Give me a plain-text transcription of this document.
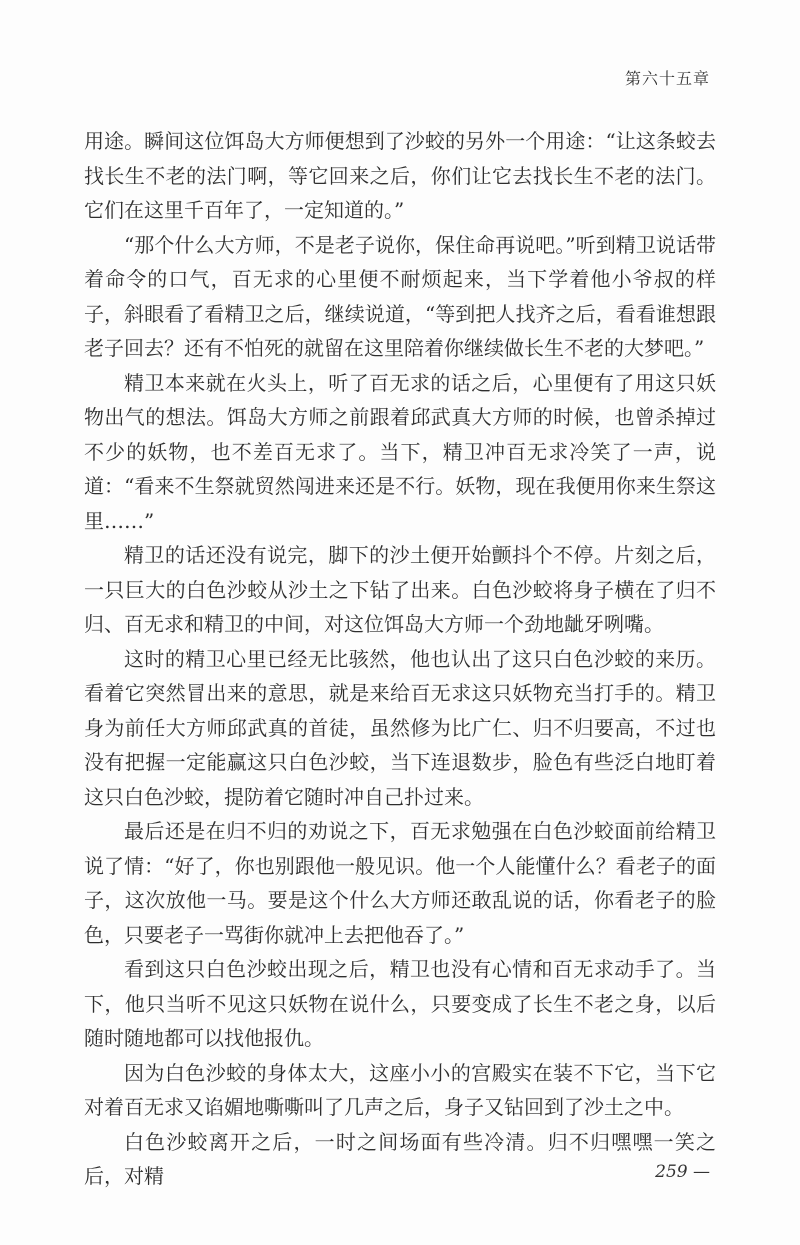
第六十五章

用途。瞬间这位饵岛大方师便想到了沙蛟的另外一个用途：“让这条蛟去找长生不老的法门啊，等它回来之后，你们让它去找长生不老的法门。它们在这里千百年了，一定知道的。”

“那个什么大方师，不是老子说你，保住命再说吧。”听到精卫说话带着命令的口气，百无求的心里便不耐烦起来，当下学着他小爷叔的样子，斜眼看了看精卫之后，继续说道，“等到把人找齐之后，看看谁想跟老子回去？还有不怕死的就留在这里陪着你继续做长生不老的大梦吧。”

精卫本来就在火头上，听了百无求的话之后，心里便有了用这只妖物出气的想法。饵岛大方师之前跟着邱武真大方师的时候，也曾杀掉过不少的妖物，也不差百无求了。当下，精卫冲百无求冷笑了一声，说道：“看来不生祭就贸然闯进来还是不行。妖物，现在我便用你来生祭这里……”

精卫的话还没有说完，脚下的沙土便开始颤抖个不停。片刻之后，一只巨大的白色沙蛟从沙土之下钻了出来。白色沙蛟将身子横在了归不归、百无求和精卫的中间，对这位饵岛大方师一个劲地龇牙咧嘴。

这时的精卫心里已经无比骇然，他也认出了这只白色沙蛟的来历。看着它突然冒出来的意思，就是来给百无求这只妖物充当打手的。精卫身为前任大方师邱武真的首徒，虽然修为比广仁、归不归要高，不过也没有把握一定能赢这只白色沙蛟，当下连退数步，脸色有些泛白地盯着这只白色沙蛟，提防着它随时冲自己扑过来。

最后还是在归不归的劝说之下，百无求勉强在白色沙蛟面前给精卫说了情：“好了，你也别跟他一般见识。他一个人能懂什么？看老子的面子，这次放他一马。要是这个什么大方师还敢乱说的话，你看老子的脸色，只要老子一骂街你就冲上去把他吞了。”

看到这只白色沙蛟出现之后，精卫也没有心情和百无求动手了。当下，他只当听不见这只妖物在说什么，只要变成了长生不老之身，以后随时随地都可以找他报仇。

因为白色沙蛟的身体太大，这座小小的宫殿实在装不下它，当下它对着百无求又谄媚地嘶嘶叫了几声之后，身子又钻回到了沙土之中。

白色沙蛟离开之后，一时之间场面有些冷清。归不归嘿嘿一笑之后，对精	259 —
